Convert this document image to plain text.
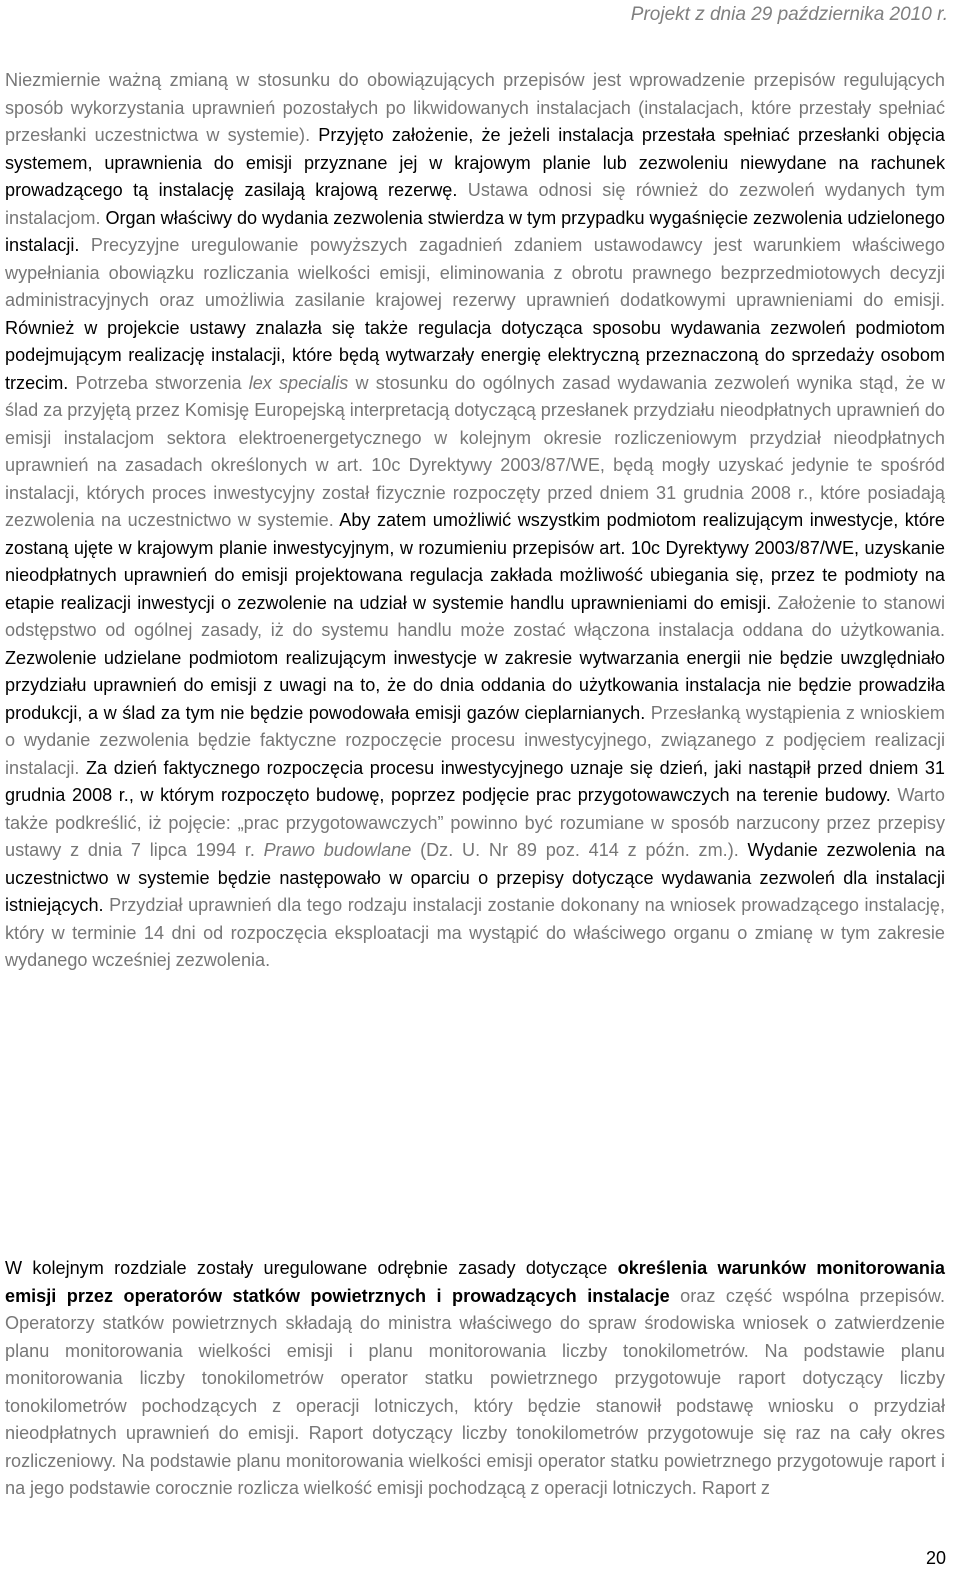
Projekt z dnia 29 października 2010 r.

Niezmiernie ważną zmianą w stosunku do obowiązujących przepisów jest wprowadzenie przepisów regulujących sposób wykorzystania uprawnień pozostałych po likwidowanych instalacjach (instalacjach, które przestały spełniać przesłanki uczestnictwa w systemie). Przyjęto założenie, że jeżeli instalacja przestała spełniać przesłanki objęcia systemem, uprawnienia do emisji przyznane jej w krajowym planie lub zezwoleniu niewydane na rachunek prowadzącego tą instalację zasilają krajową rezerwę. Ustawa odnosi się również do zezwoleń wydanych tym instalacjom. Organ właściwy do wydania zezwolenia stwierdza w tym przypadku wygaśnięcie zezwolenia udzielonego instalacji. Precyzyjne uregulowanie powyższych zagadnień zdaniem ustawodawcy jest warunkiem właściwego wypełniania obowiązku rozliczania wielkości emisji, eliminowania z obrotu prawnego bezprzedmiotowych decyzji administracyjnych oraz umożliwia zasilanie krajowej rezerwy uprawnień dodatkowymi uprawnieniami do emisji. Również w projekcie ustawy znalazła się także regulacja dotycząca sposobu wydawania zezwoleń podmiotom podejmującym realizację instalacji, które będą wytwarzały energię elektryczną przeznaczoną do sprzedaży osobom trzecim. Potrzeba stworzenia lex specialis w stosunku do ogólnych zasad wydawania zezwoleń wynika stąd, że w ślad za przyjętą przez Komisję Europejską interpretacją dotyczącą przesłanek przydziału nieodpłatnych uprawnień do emisji instalacjom sektora elektroenergetycznego w kolejnym okresie rozliczeniowym przydział nieodpłatnych uprawnień na zasadach określonych w art. 10c Dyrektywy 2003/87/WE, będą mogły uzyskać jedynie te spośród instalacji, których proces inwestycyjny został fizycznie rozpoczęty przed dniem 31 grudnia 2008 r., które posiadają zezwolenia na uczestnictwo w systemie. Aby zatem umożliwić wszystkim podmiotom realizującym inwestycje, które zostaną ujęte w krajowym planie inwestycyjnym, w rozumieniu przepisów art. 10c Dyrektywy 2003/87/WE, uzyskanie nieodpłatnych uprawnień do emisji projektowana regulacja zakłada możliwość ubiegania się, przez te podmioty na etapie realizacji inwestycji o zezwolenie na udział w systemie handlu uprawnieniami do emisji. Założenie to stanowi odstępstwo od ogólnej zasady, iż do systemu handlu może zostać włączona instalacja oddana do użytkowania. Zezwolenie udzielane podmiotom realizującym inwestycje w zakresie wytwarzania energii nie będzie uwzględniało przydziału uprawnień do emisji z uwagi na to, że do dnia oddania do użytkowania instalacja nie będzie prowadziła produkcji, a w ślad za tym nie będzie powodowała emisji gazów cieplarnianych. Przesłanką wystąpienia z wnioskiem o wydanie zezwolenia będzie faktyczne rozpoczęcie procesu inwestycyjnego, związanego z podjęciem realizacji instalacji. Za dzień faktycznego rozpoczęcia procesu inwestycyjnego uznaje się dzień, jaki nastąpił przed dniem 31 grudnia 2008 r., w którym rozpoczęto budowę, poprzez podjęcie prac przygotowawczych na terenie budowy. Warto także podkreślić, iż pojęcie: „prac przygotowawczych” powinno być rozumiane w sposób narzucony przez przepisy ustawy z dnia 7 lipca 1994 r. Prawo budowlane (Dz. U. Nr 89 poz. 414 z późn. zm.). Wydanie zezwolenia na uczestnictwo w systemie będzie następowało w oparciu o przepisy dotyczące wydawania zezwoleń dla instalacji istniejących. Przydział uprawnień dla tego rodzaju instalacji zostanie dokonany na wniosek prowadzącego instalację, który w terminie 14 dni od rozpoczęcia eksploatacji ma wystąpić do właściwego organu o zmianę w tym zakresie wydanego wcześniej zezwolenia.

W kolejnym rozdziale zostały uregulowane odrębnie zasady dotyczące określenia warunków monitorowania emisji przez operatorów statków powietrznych i prowadzących instalacje oraz część wspólna przepisów. Operatorzy statków powietrznych składają do ministra właściwego do spraw środowiska wniosek o zatwierdzenie planu monitorowania wielkości emisji i planu monitorowania liczby tonokilometrów. Na podstawie planu monitorowania liczby tonokilometrów operator statku powietrznego przygotowuje raport dotyczący liczby tonokilometrów pochodzących z operacji lotniczych, który będzie stanowił podstawę wniosku o przydział nieodpłatnych uprawnień do emisji. Raport dotyczący liczby tonokilometrów przygotowuje się raz na cały okres rozliczeniowy. Na podstawie planu monitorowania wielkości emisji operator statku powietrznego przygotowuje raport i na jego podstawie corocznie rozlicza wielkość emisji pochodzącą z operacji lotniczych. Raport z

20
